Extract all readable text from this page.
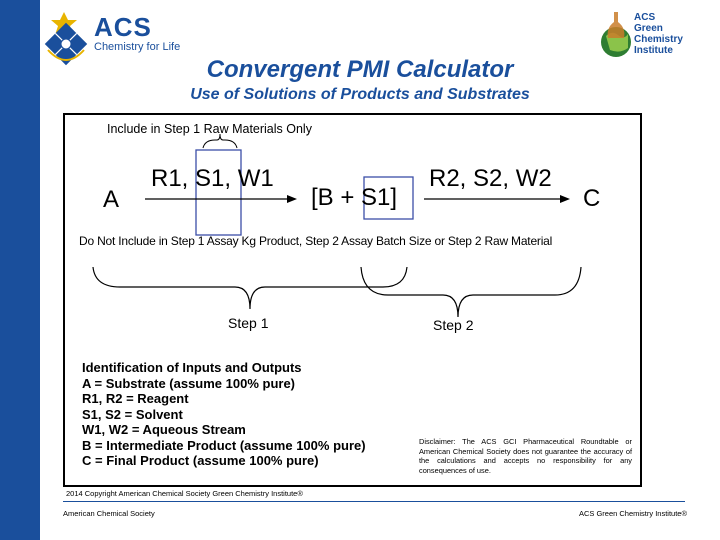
ACS
Chemistry for Life
ACS
Green
Chemistry
Institute
Convergent PMI Calculator
Use of Solutions of Products and Substrates
Include in Step 1 Raw Materials Only
A
R1, S1, W1
[B + S1]
R2, S2, W2
C
Do Not Include in Step 1 Assay Kg Product, Step 2 Assay Batch Size or Step 2 Raw Material
Step 1	Step 2
Identification of Inputs and Outputs
A = Substrate (assume 100% pure)
R1, R2 = Reagent
S1, S2 = Solvent
W1, W2 = Aqueous Stream
B = Intermediate Product (assume 100% pure)
C = Final Product (assume 100% pure)
Disclaimer: The ACS GCI Pharmaceutical Roundtable or American Chemical Society does not guarantee the accuracy of the calculations and accepts no responsibility for any consequences of use.
2014 Copyright American Chemical Society Green Chemistry Institute®
American Chemical Society	ACS Green Chemistry Institute®
